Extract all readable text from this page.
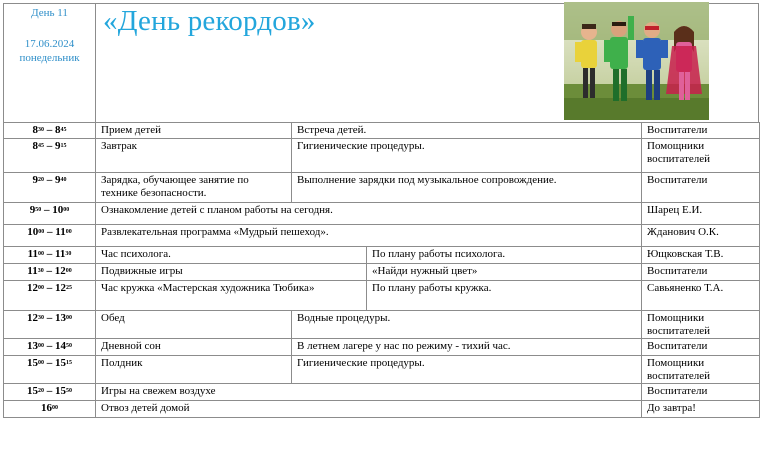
День 11
17.06.2024
понедельник
«День рекордов»
$8^{30} - 8^{45}$	Прием детей	Встреча детей.		Воспитатели
$8^{45} - 9^{15}$	Завтрак	Гигиенические процедуры.		Помощники воспитателей
$9^{20} - 9^{40}$	Зарядка, обучающее занятие по технике безопасности.	Выполнение зарядки под музыкальное сопровождение.		Воспитатели
$9^{50} - 10^{00}$	Ознакомление детей с планом работы на сегодня.			Шарец Е.И.
$10^{00} - 11^{00}$	Развлекательная программа «Мудрый пешеход».			Жданович О.К.
$11^{00} - 11^{30}$	Час психолога.		По плану работы психолога.	Ющковская Т.В.
$11^{30} - 12^{00}$	Подвижные игры		«Найди нужный цвет»	Воспитатели
$12^{00} - 12^{25}$	Час кружка «Мастерская художника Тюбика»		По плану работы кружка.	Савьяненко Т.А.
$12^{30} - 13^{00}$	Обед	Водные процедуры.		Помощники воспитателей
$13^{00} - 14^{50}$	Дневной сон	В летнем лагере у нас по режиму - тихий час.		Воспитатели
$15^{00} - 15^{15}$	Полдник	Гигиенические процедуры.		Помощники воспитателей
$15^{20} - 15^{50}$	Игры на свежем воздухе			Воспитатели
$16^{00}$	Отвоз детей домой			До завтра!
